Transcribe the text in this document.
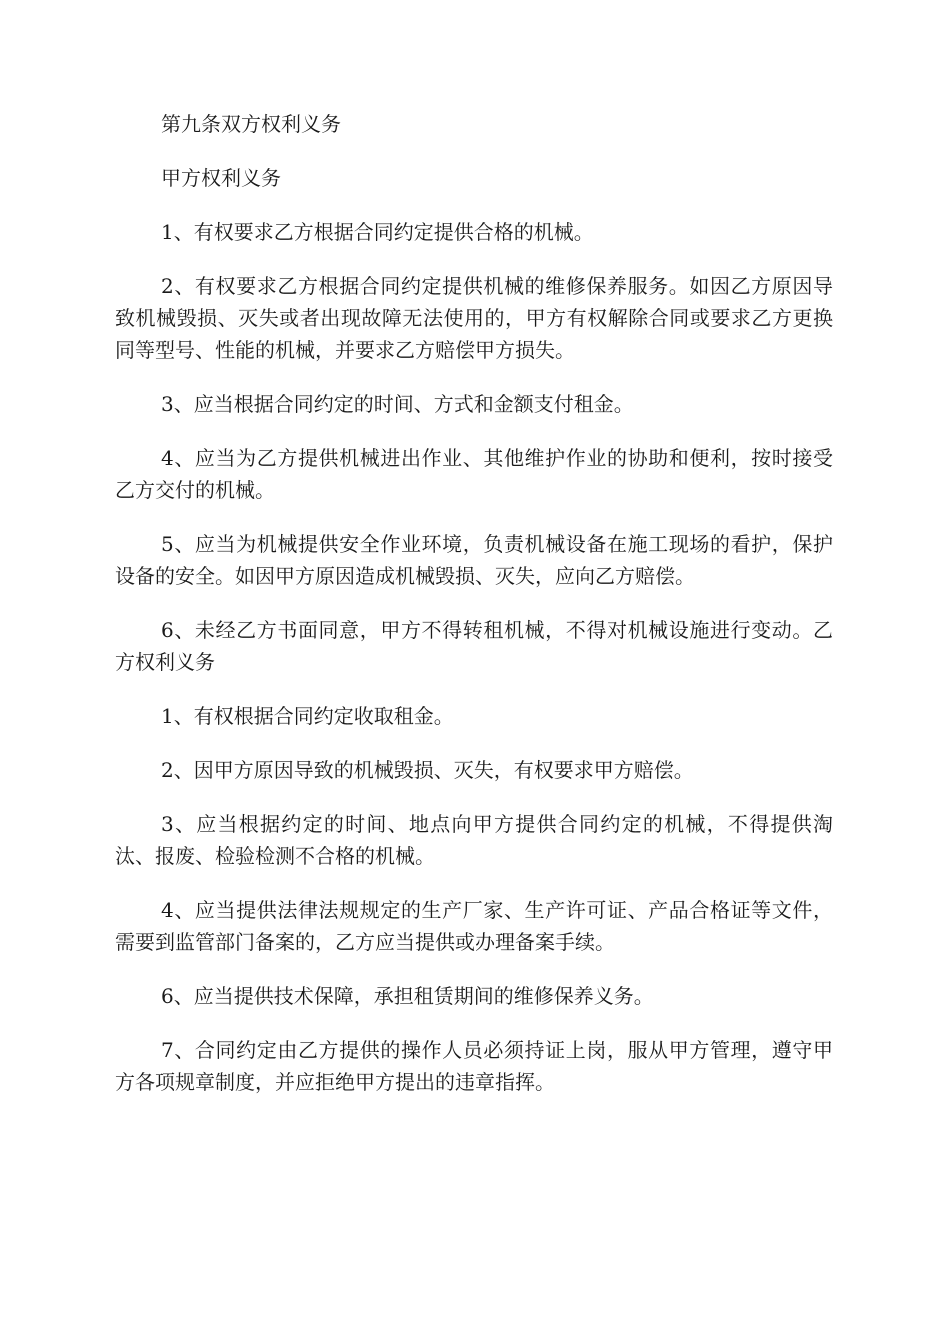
第九条双方权利义务

甲方权利义务

1、有权要求乙方根据合同约定提供合格的机械。

2、有权要求乙方根据合同约定提供机械的维修保养服务。如因乙方原因导致机械毁损、灭失或者出现故障无法使用的，甲方有权解除合同或要求乙方更换同等型号、性能的机械，并要求乙方赔偿甲方损失。

3、应当根据合同约定的时间、方式和金额支付租金。

4、应当为乙方提供机械进出作业、其他维护作业的协助和便利，按时接受乙方交付的机械。

5、应当为机械提供安全作业环境，负责机械设备在施工现场的看护，保护设备的安全。如因甲方原因造成机械毁损、灭失，应向乙方赔偿。

6、未经乙方书面同意，甲方不得转租机械，不得对机械设施进行变动。乙方权利义务

1、有权根据合同约定收取租金。

2、因甲方原因导致的机械毁损、灭失，有权要求甲方赔偿。

3、应当根据约定的时间、地点向甲方提供合同约定的机械，不得提供淘汰、报废、检验检测不合格的机械。

4、应当提供法律法规规定的生产厂家、生产许可证、产品合格证等文件，需要到监管部门备案的，乙方应当提供或办理备案手续。

6、应当提供技术保障，承担租赁期间的维修保养义务。

7、合同约定由乙方提供的操作人员必须持证上岗，服从甲方管理，遵守甲方各项规章制度，并应拒绝甲方提出的违章指挥。
